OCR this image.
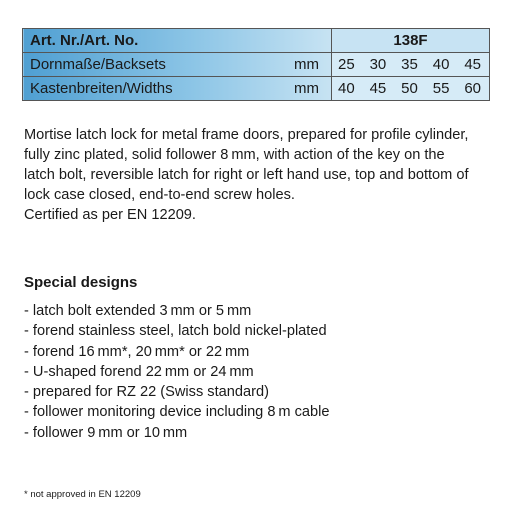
Art. Nr./Art. No.	138F

Dornmaße/Backsets mm	25 30 35 40 45

Kastenbreiten/Widths mm	40 45 50 55 60

Mortise latch lock for metal frame doors, prepared for profile cylinder, fully zinc plated, solid follower 8 mm, with action of the key on the latch bolt, reversible latch for right or left hand use, top and bottom of lock case closed, end-to-end screw holes.
Certified as per EN 12209.

Special designs

- latch bolt extended 3 mm or 5 mm
- forend stainless steel, latch bold nickel-plated
- forend 16 mm*, 20 mm* or 22 mm
- U-shaped forend 22 mm or 24 mm
- prepared for RZ 22 (Swiss standard)
- follower monitoring device including 8 m cable
- follower 9 mm or 10 mm

* not approved in EN 12209
